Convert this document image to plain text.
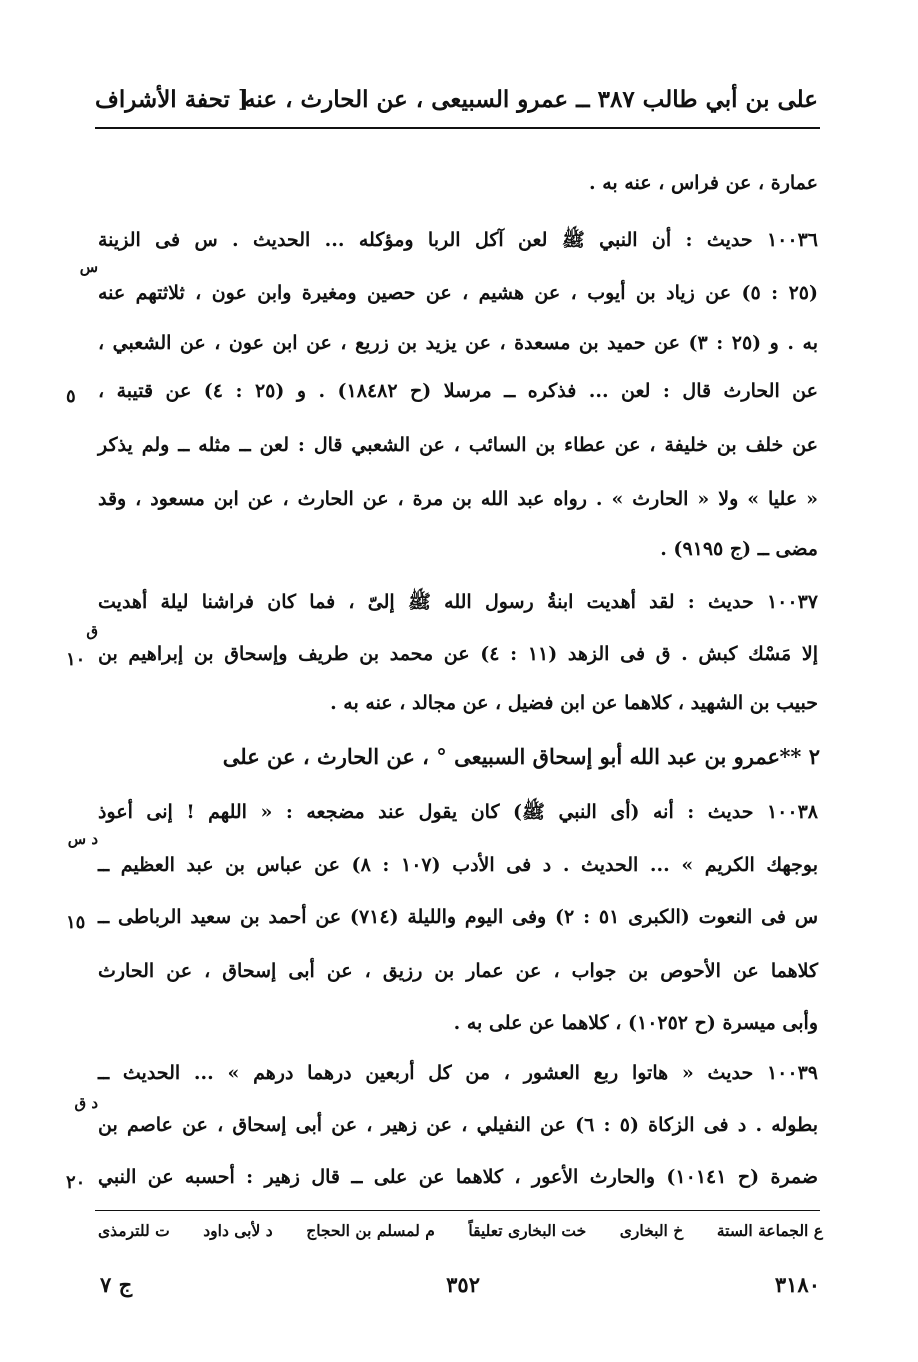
على بن أبي طالب ٣٨٧ ــ عمرو السبيعى ، عن الحارث ، عنه
[ تحفة الأشراف
عمارة ، عن فراس ، عنه به .
١٠٠٣٦ حديث : أن النبي ﷺ لعن آكل الربا ومؤكله ... الحديث . س فى الزينة
س
(٢٥ : ٥) عن زياد بن أيوب ، عن هشيم ، عن حصين ومغيرة وابن عون ، ثلاثتهم عنه
به . و (٢٥ : ٣) عن حميد بن مسعدة ، عن يزيد بن زريع ، عن ابن عون ، عن الشعبي ،
عن الحارث قال : لعن ... فذكره ــ مرسلا (ح ١٨٤٨٢) . و (٢٥ : ٤) عن قتيبة ،
٥
عن خلف بن خليفة ، عن عطاء بن السائب ، عن الشعبي قال : لعن ــ مثله ــ ولم يذكر
« عليا » ولا « الحارث » . رواه عبد الله بن مرة ، عن الحارث ، عن ابن مسعود ، وقد
مضى ــ (ج ٩١٩٥) .
١٠٠٣٧ حديث : لقد أهديت ابنةُ رسول الله ﷺ إلىّ ، فما كان فراشنا ليلة أهديت
ق
إلا مَسْك كبش . ق فى الزهد (١١ : ٤) عن محمد بن طريف وإسحاق بن إبراهيم بن
١٠
حبيب بن الشهيد ، كلاهما عن ابن فضيل ، عن مجالد ، عنه به .
٢ **
عمرو بن عبد الله أبو إسحاق السبيعى ° ، عن الحارث ، عن على
١٠٠٣٨ حديث : أنه (أى النبي ﷺ) كان يقول عند مضجعه : « اللهم ! إنى أعوذ
د س
بوجهك الكريم » ... الحديث . د فى الأدب (١٠٧ : ٨) عن عباس بن عبد العظيم ــ
س فى النعوت (الكبرى ٥١ : ٢) وفى اليوم والليلة (٧١٤) عن أحمد بن سعيد الرباطى ــ
١٥
كلاهما عن الأحوص بن جواب ، عن عمار بن رزيق ، عن أبى إسحاق ، عن الحارث
وأبى ميسرة (ح ١٠٢٥٢) ، كلاهما عن على به .
١٠٠٣٩ حديث « هاتوا ربع العشور ، من كل أربعين درهما درهم » ... الحديث ــ
د ق
بطوله . د فى الزكاة (٥ : ٦) عن النفيلي ، عن زهير ، عن أبى إسحاق ، عن عاصم بن
ضمرة (ح ١٠١٤١) والحارث الأعور ، كلاهما عن على ــ قال زهير : أحسبه عن النبي
٢٠
ع الجماعة الستة
خ البخارى
خت البخارى تعليقاً
م لمسلم بن الحجاج
د لأبى داود
ت للترمذى
٣١٨٠
٣٥٢
ج ٧
